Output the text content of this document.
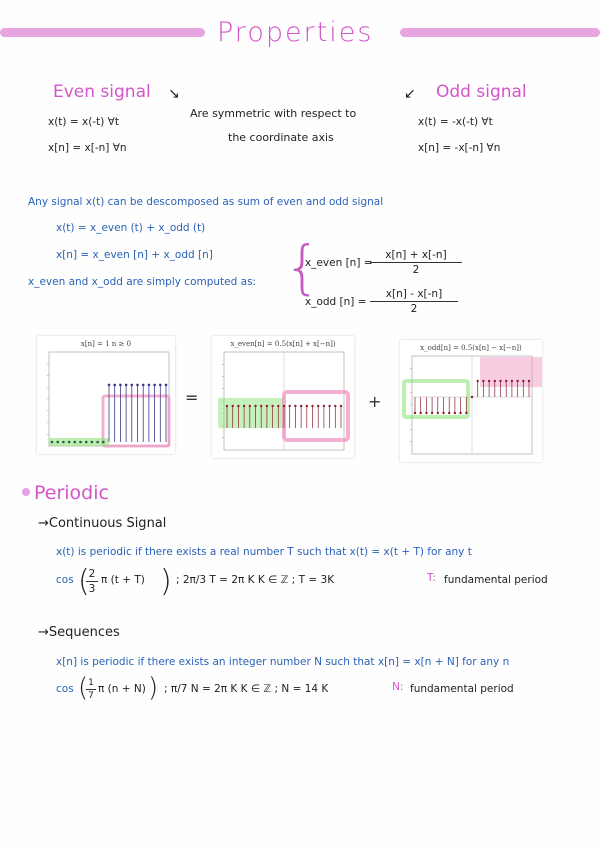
Properties
Even signal ↘
x(t) = x(-t) ∀t
x[n] = x[-n] ∀n
Are symmetric with respect to
the coordinate axis
↙ Odd signal
x(t) = -x(-t) ∀t
x[n] = -x[-n] ∀n
Any signal x(t) can be descomposed as sum of even and odd signal
x(t) = x_even (t) + x_odd (t)
x[n] = x_even [n] + x_odd [n]
x_even and x_odd are simply computed as: {
x_even [n] =
x[n] + x[-n]
2
x_odd [n] =
x[n] - x[-n]
2
x[n] = 1 n ≥ 0
=
x_even[n] = 0.5(x[n] + x[−n])
+
x_odd[n] = 0.5(x[n] − x[−n])
Periodic
→Continuous Signal
x(t) is periodic if there exists a real number T such that x(t) = x(t + T) for any t
cos (
2
3
π (t + T) ) ; 2π/3 T = 2π K K ∈ ℤ ; T = 3K	T: fundamental period
→Sequences
x[n] is periodic if there exists an integer number N such that x[n] = x[n + N] for any n
cos ( 1
7
π (n + N) ) ; π/7 N = 2π K K ∈ ℤ ; N = 14 K	N: fundamental period
